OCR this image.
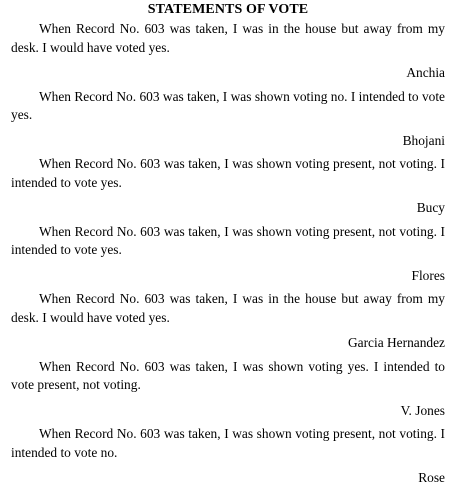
STATEMENTS OF VOTE

When Record No. 603 was taken, I was in the house but away from my desk. I would have voted yes.

Anchia

When Record No. 603 was taken, I was shown voting no. I intended to vote yes.

Bhojani

When Record No. 603 was taken, I was shown voting present, not voting. I intended to vote yes.

Bucy

When Record No. 603 was taken, I was shown voting present, not voting. I intended to vote yes.

Flores

When Record No. 603 was taken, I was in the house but away from my desk. I would have voted yes.

Garcia Hernandez

When Record No. 603 was taken, I was shown voting yes. I intended to vote present, not voting.

V. Jones

When Record No. 603 was taken, I was shown voting present, not voting. I intended to vote no.

Rose
